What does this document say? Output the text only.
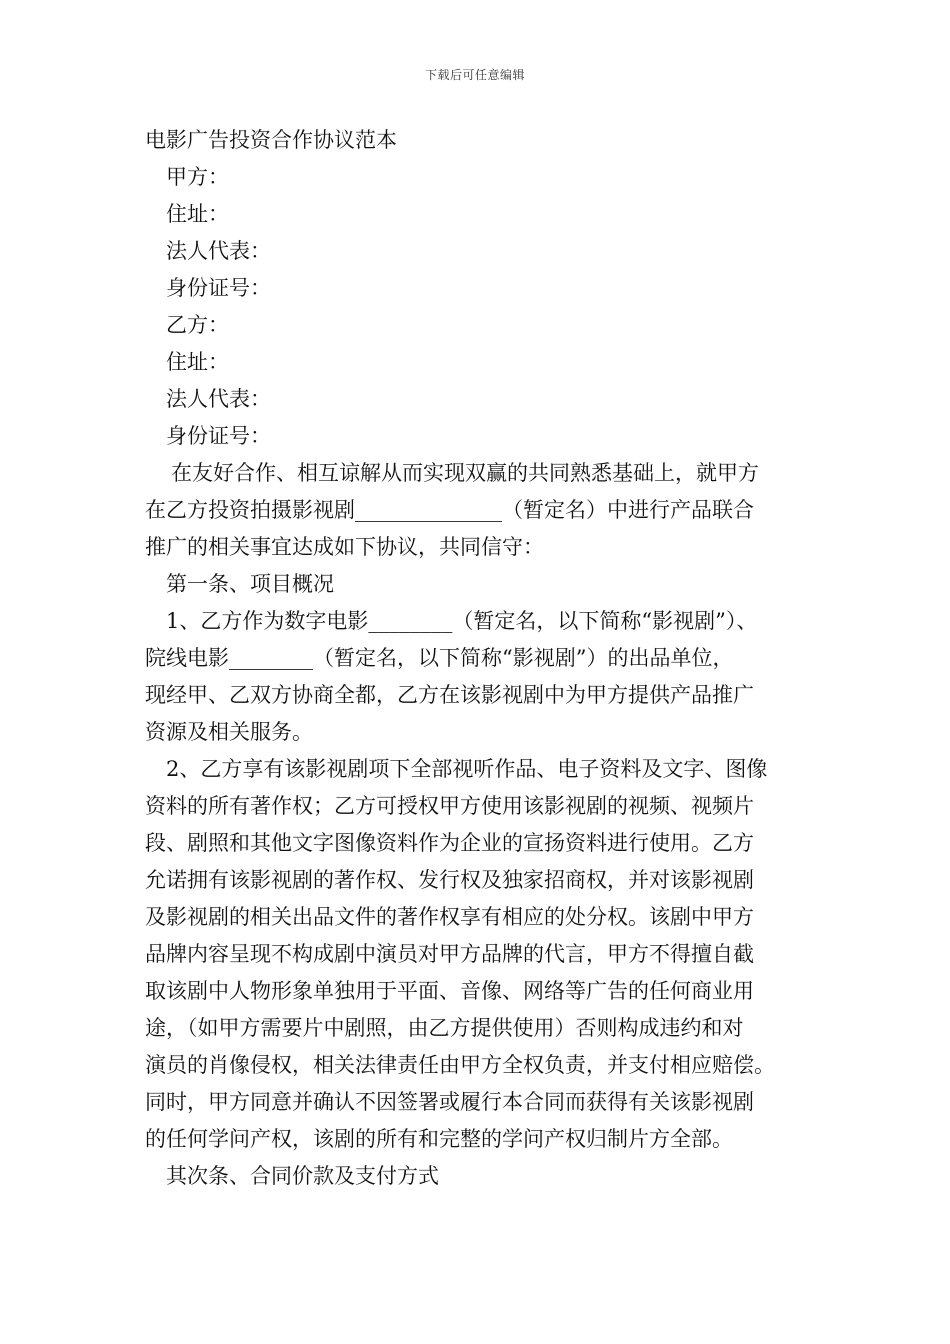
下载后可任意编辑
电影广告投资合作协议范本
甲方：
住址：
法人代表：
身份证号：
乙方：
住址：
法人代表：
身份证号：
在友好合作、相互谅解从而实现双赢的共同熟悉基础上，就甲方
在乙方投资拍摄影视剧______________（暂定名）中进行产品联合
推广的相关事宜达成如下协议，共同信守：
第一条、项目概况
1、乙方作为数字电影________（暂定名，以下简称“影视剧”）、
院线电影________（暂定名，以下简称“影视剧”）的出品单位，
现经甲、乙双方协商全都，乙方在该影视剧中为甲方提供产品推广
资源及相关服务。
2、乙方享有该影视剧项下全部视听作品、电子资料及文字、图像
资料的所有著作权；乙方可授权甲方使用该影视剧的视频、视频片
段、剧照和其他文字图像资料作为企业的宣扬资料进行使用。乙方
允诺拥有该影视剧的著作权、发行权及独家招商权，并对该影视剧
及影视剧的相关出品文件的著作权享有相应的处分权。该剧中甲方
品牌内容呈现不构成剧中演员对甲方品牌的代言，甲方不得擅自截
取该剧中人物形象单独用于平面、音像、网络等广告的任何商业用
途，（如甲方需要片中剧照，由乙方提供使用）否则构成违约和对
演员的肖像侵权，相关法律责任由甲方全权负责，并支付相应赔偿。
同时，甲方同意并确认不因签署或履行本合同而获得有关该影视剧
的任何学问产权，该剧的所有和完整的学问产权归制片方全部。
其次条、合同价款及支付方式
